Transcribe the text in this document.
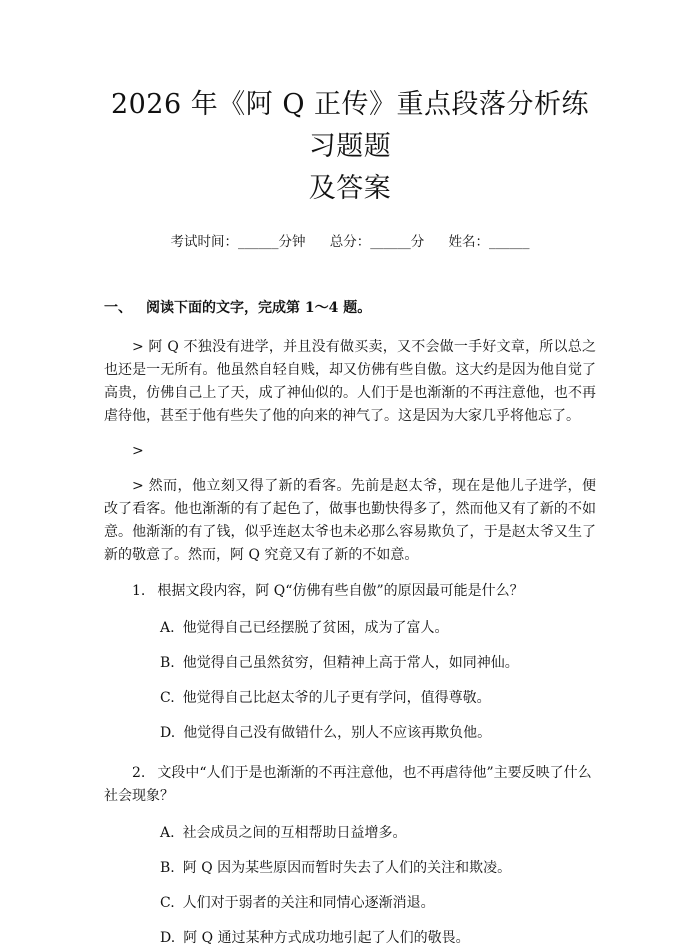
2026 年《阿 Q 正传》重点段落分析练习题题
及答案
考试时间：______分钟 总分：______分 姓名：______
一、 阅读下面的文字，完成第 1～4 题。

> 阿 Q 不独没有进学，并且没有做买卖，又不会做一手好文章，所以总之也还是一无所有。他虽然自轻自贱，却又仿佛有些自傲。这大约是因为他自觉了高贵，仿佛自己上了天，成了神仙似的。人们于是也渐渐的不再注意他，也不再虐待他，甚至于他有些失了他的向来的神气了。这是因为大家几乎将他忘了。

>

> 然而，他立刻又得了新的看客。先前是赵太爷，现在是他儿子进学，便改了看客。他也渐渐的有了起色了，做事也勤快得多了，然而他又有了新的不如意。他渐渐的有了钱，似乎连赵太爷也未必那么容易欺负了，于是赵太爷又生了新的敬意了。然而，阿 Q 究竟又有了新的不如意。

1. 根据文段内容，阿 Q“仿佛有些自傲”的原因最可能是什么？
A. 他觉得自己已经摆脱了贫困，成为了富人。
B. 他觉得自己虽然贫穷，但精神上高于常人，如同神仙。
C. 他觉得自己比赵太爷的儿子更有学问，值得尊敬。
D. 他觉得自己没有做错什么，别人不应该再欺负他。
2. 文段中“人们于是也渐渐的不再注意他，也不再虐待他”主要反映了什么社会现象？
A. 社会成员之间的互相帮助日益增多。
B. 阿 Q 因为某些原因而暂时失去了人们的关注和欺凌。
C. 人们对于弱者的关注和同情心逐渐消退。
D. 阿 Q 通过某种方式成功地引起了人们的敬畏。
